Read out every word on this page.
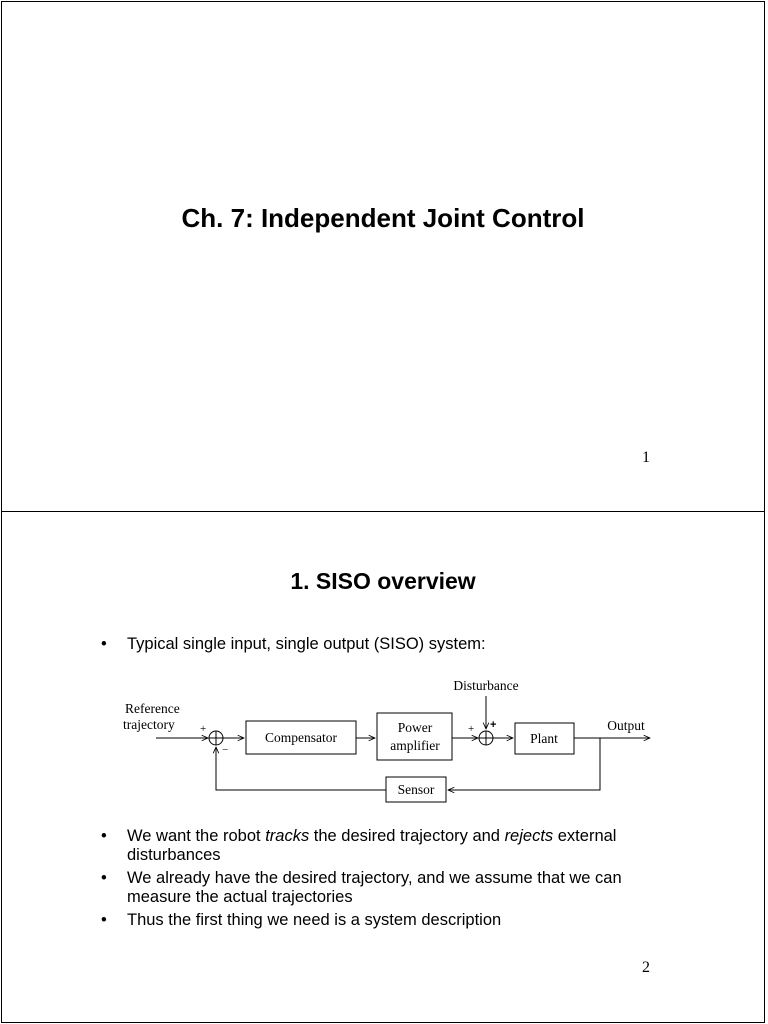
Ch. 7: Independent Joint Control
1
1. SISO overview
• Typical single input, single output (SISO) system:
Reference
trajectory +
−
Compensator
Power
amplifier
+ +
Disturbance
Plant
Output
Sensor
• We want the robot tracks the desired trajectory and rejects external disturbances
• We already have the desired trajectory, and we assume that we can measure the actual trajectories
• Thus the first thing we need is a system description
2
